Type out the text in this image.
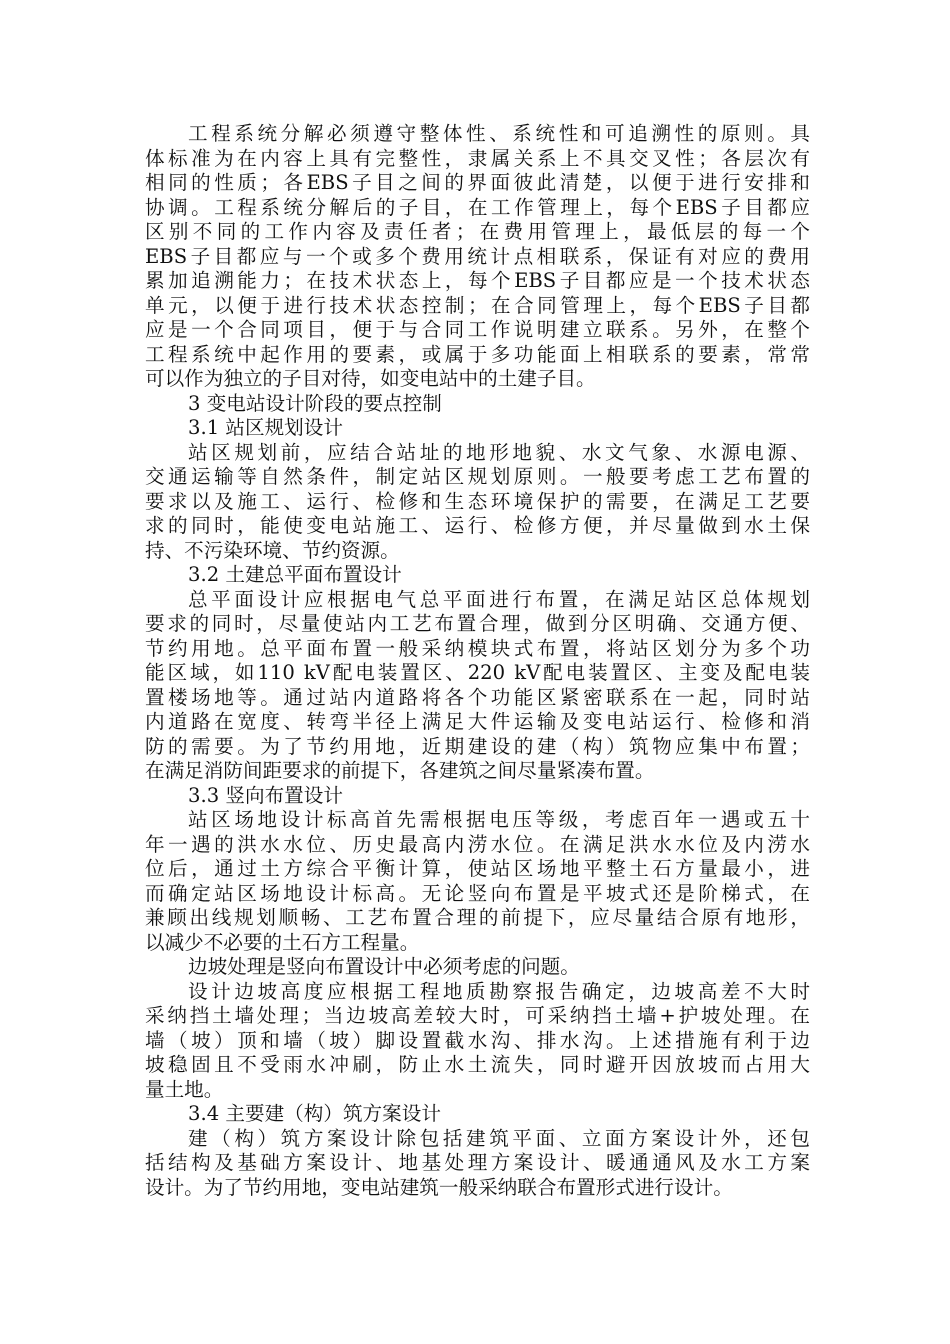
工程系统分解必须遵守整体性、系统性和可追溯性的原则。具
体标准为在内容上具有完整性，隶属关系上不具交叉性；各层次有
相同的性质；各EBS子目之间的界面彼此清楚，以便于进行安排和
协调。工程系统分解后的子目，在工作管理上，每个EBS子目都应
区别不同的工作内容及责任者；在费用管理上，最低层的每一个
EBS子目都应与一个或多个费用统计点相联系，保证有对应的费用
累加追溯能力；在技术状态上，每个EBS子目都应是一个技术状态
单元，以便于进行技术状态控制；在合同管理上，每个EBS子目都
应是一个合同项目，便于与合同工作说明建立联系。另外，在整个
工程系统中起作用的要素，或属于多功能面上相联系的要素，常常
可以作为独立的子目对待，如变电站中的土建子目。
3 变电站设计阶段的要点控制
3.1 站区规划设计
站区规划前，应结合站址的地形地貌、水文气象、水源电源、
交通运输等自然条件，制定站区规划原则。一般要考虑工艺布置的
要求以及施工、运行、检修和生态环境保护的需要，在满足工艺要
求的同时，能使变电站施工、运行、检修方便，并尽量做到水土保
持、不污染环境、节约资源。
3.2 土建总平面布置设计
总平面设计应根据电气总平面进行布置，在满足站区总体规划
要求的同时，尽量使站内工艺布置合理，做到分区明确、交通方便、
节约用地。总平面布置一般采纳模块式布置，将站区划分为多个功
能区域，如110 kV配电装置区、220 kV配电装置区、主变及配电装
置楼场地等。通过站内道路将各个功能区紧密联系在一起，同时站
内道路在宽度、转弯半径上满足大件运输及变电站运行、检修和消
防的需要。为了节约用地，近期建设的建（构）筑物应集中布置；
在满足消防间距要求的前提下，各建筑之间尽量紧凑布置。
3.3 竖向布置设计
站区场地设计标高首先需根据电压等级，考虑百年一遇或五十
年一遇的洪水水位、历史最高内涝水位。在满足洪水水位及内涝水
位后，通过土方综合平衡计算，使站区场地平整土石方量最小，进
而确定站区场地设计标高。无论竖向布置是平坡式还是阶梯式，在
兼顾出线规划顺畅、工艺布置合理的前提下，应尽量结合原有地形，
以减少不必要的土石方工程量。
边坡处理是竖向布置设计中必须考虑的问题。
设计边坡高度应根据工程地质勘察报告确定，边坡高差不大时
采纳挡土墙处理；当边坡高差较大时，可采纳挡土墙+护坡处理。在
墙（坡）顶和墙（坡）脚设置截水沟、排水沟。上述措施有利于边
坡稳固且不受雨水冲刷，防止水土流失，同时避开因放坡而占用大
量土地。
3.4 主要建（构）筑方案设计
建（构）筑方案设计除包括建筑平面、立面方案设计外，还包
括结构及基础方案设计、地基处理方案设计、暖通通风及水工方案
设计。为了节约用地，变电站建筑一般采纳联合布置形式进行设计。
